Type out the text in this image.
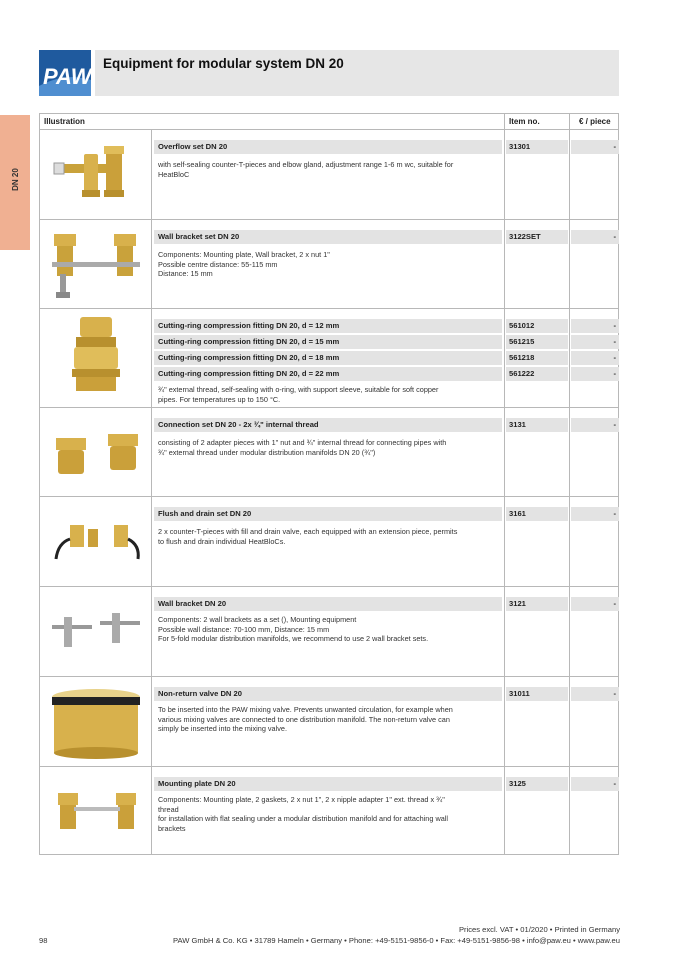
PAW
Equipment for modular system DN 20
DN 20
Illustration	Item no.	€ / piece
Overflow set DN 20	31301	-
with self-sealing counter-T-pieces and elbow gland, adjustment range 1-6 m wc, suitable for
HeatBloC
Wall bracket set DN 20	3122SET	-
Components: Mounting plate, Wall bracket, 2 x nut 1"
Possible centre distance: 55-115 mm
Distance: 15 mm
Cutting-ring compression fitting DN 20, d = 12 mm	561012	-
Cutting-ring compression fitting DN 20, d = 15 mm	561215	-
Cutting-ring compression fitting DN 20, d = 18 mm	561218	-
Cutting-ring compression fitting DN 20, d = 22 mm	561222	-
¾" external thread, self-sealing with o-ring, with support sleeve, suitable for soft copper
pipes. For temperatures up to 150 °C.
Connection set DN 20 - 2x ¾" internal thread	3131	-
consisting of 2 adapter pieces with 1" nut and ¾" internal thread for connecting pipes with
¾" external thread under modular distribution manifolds DN 20 (¾")
Flush and drain set DN 20	3161	-
2 x counter-T-pieces with fill and drain valve, each equipped with an extension piece, permits
to flush and drain individual HeatBloCs.
Wall bracket DN 20	3121	-
Components: 2 wall brackets as a set (), Mounting equipment
Possible wall distance: 70-100 mm, Distance: 15 mm
For 5-fold modular distribution manifolds, we recommend to use 2 wall bracket sets.
Non-return valve DN 20	31011	-
To be inserted into the PAW mixing valve. Prevents unwanted circulation, for example when
various mixing valves are connected to one distribution manifold. The non-return valve can
simply be inserted into the mixing valve.
Mounting plate DN 20	3125	-
Components: Mounting plate, 2 gaskets, 2 x nut 1", 2 x nipple adapter 1" ext. thread x ¾"
thread
for installation with flat sealing under a modular distribution manifold and for attaching wall
brackets
Prices excl. VAT • 01/2020 • Printed in Germany
98	PAW GmbH & Co. KG • 31789 Hameln • Germany • Phone: +49-5151-9856-0 • Fax: +49-5151-9856-98 • info@paw.eu • www.paw.eu
